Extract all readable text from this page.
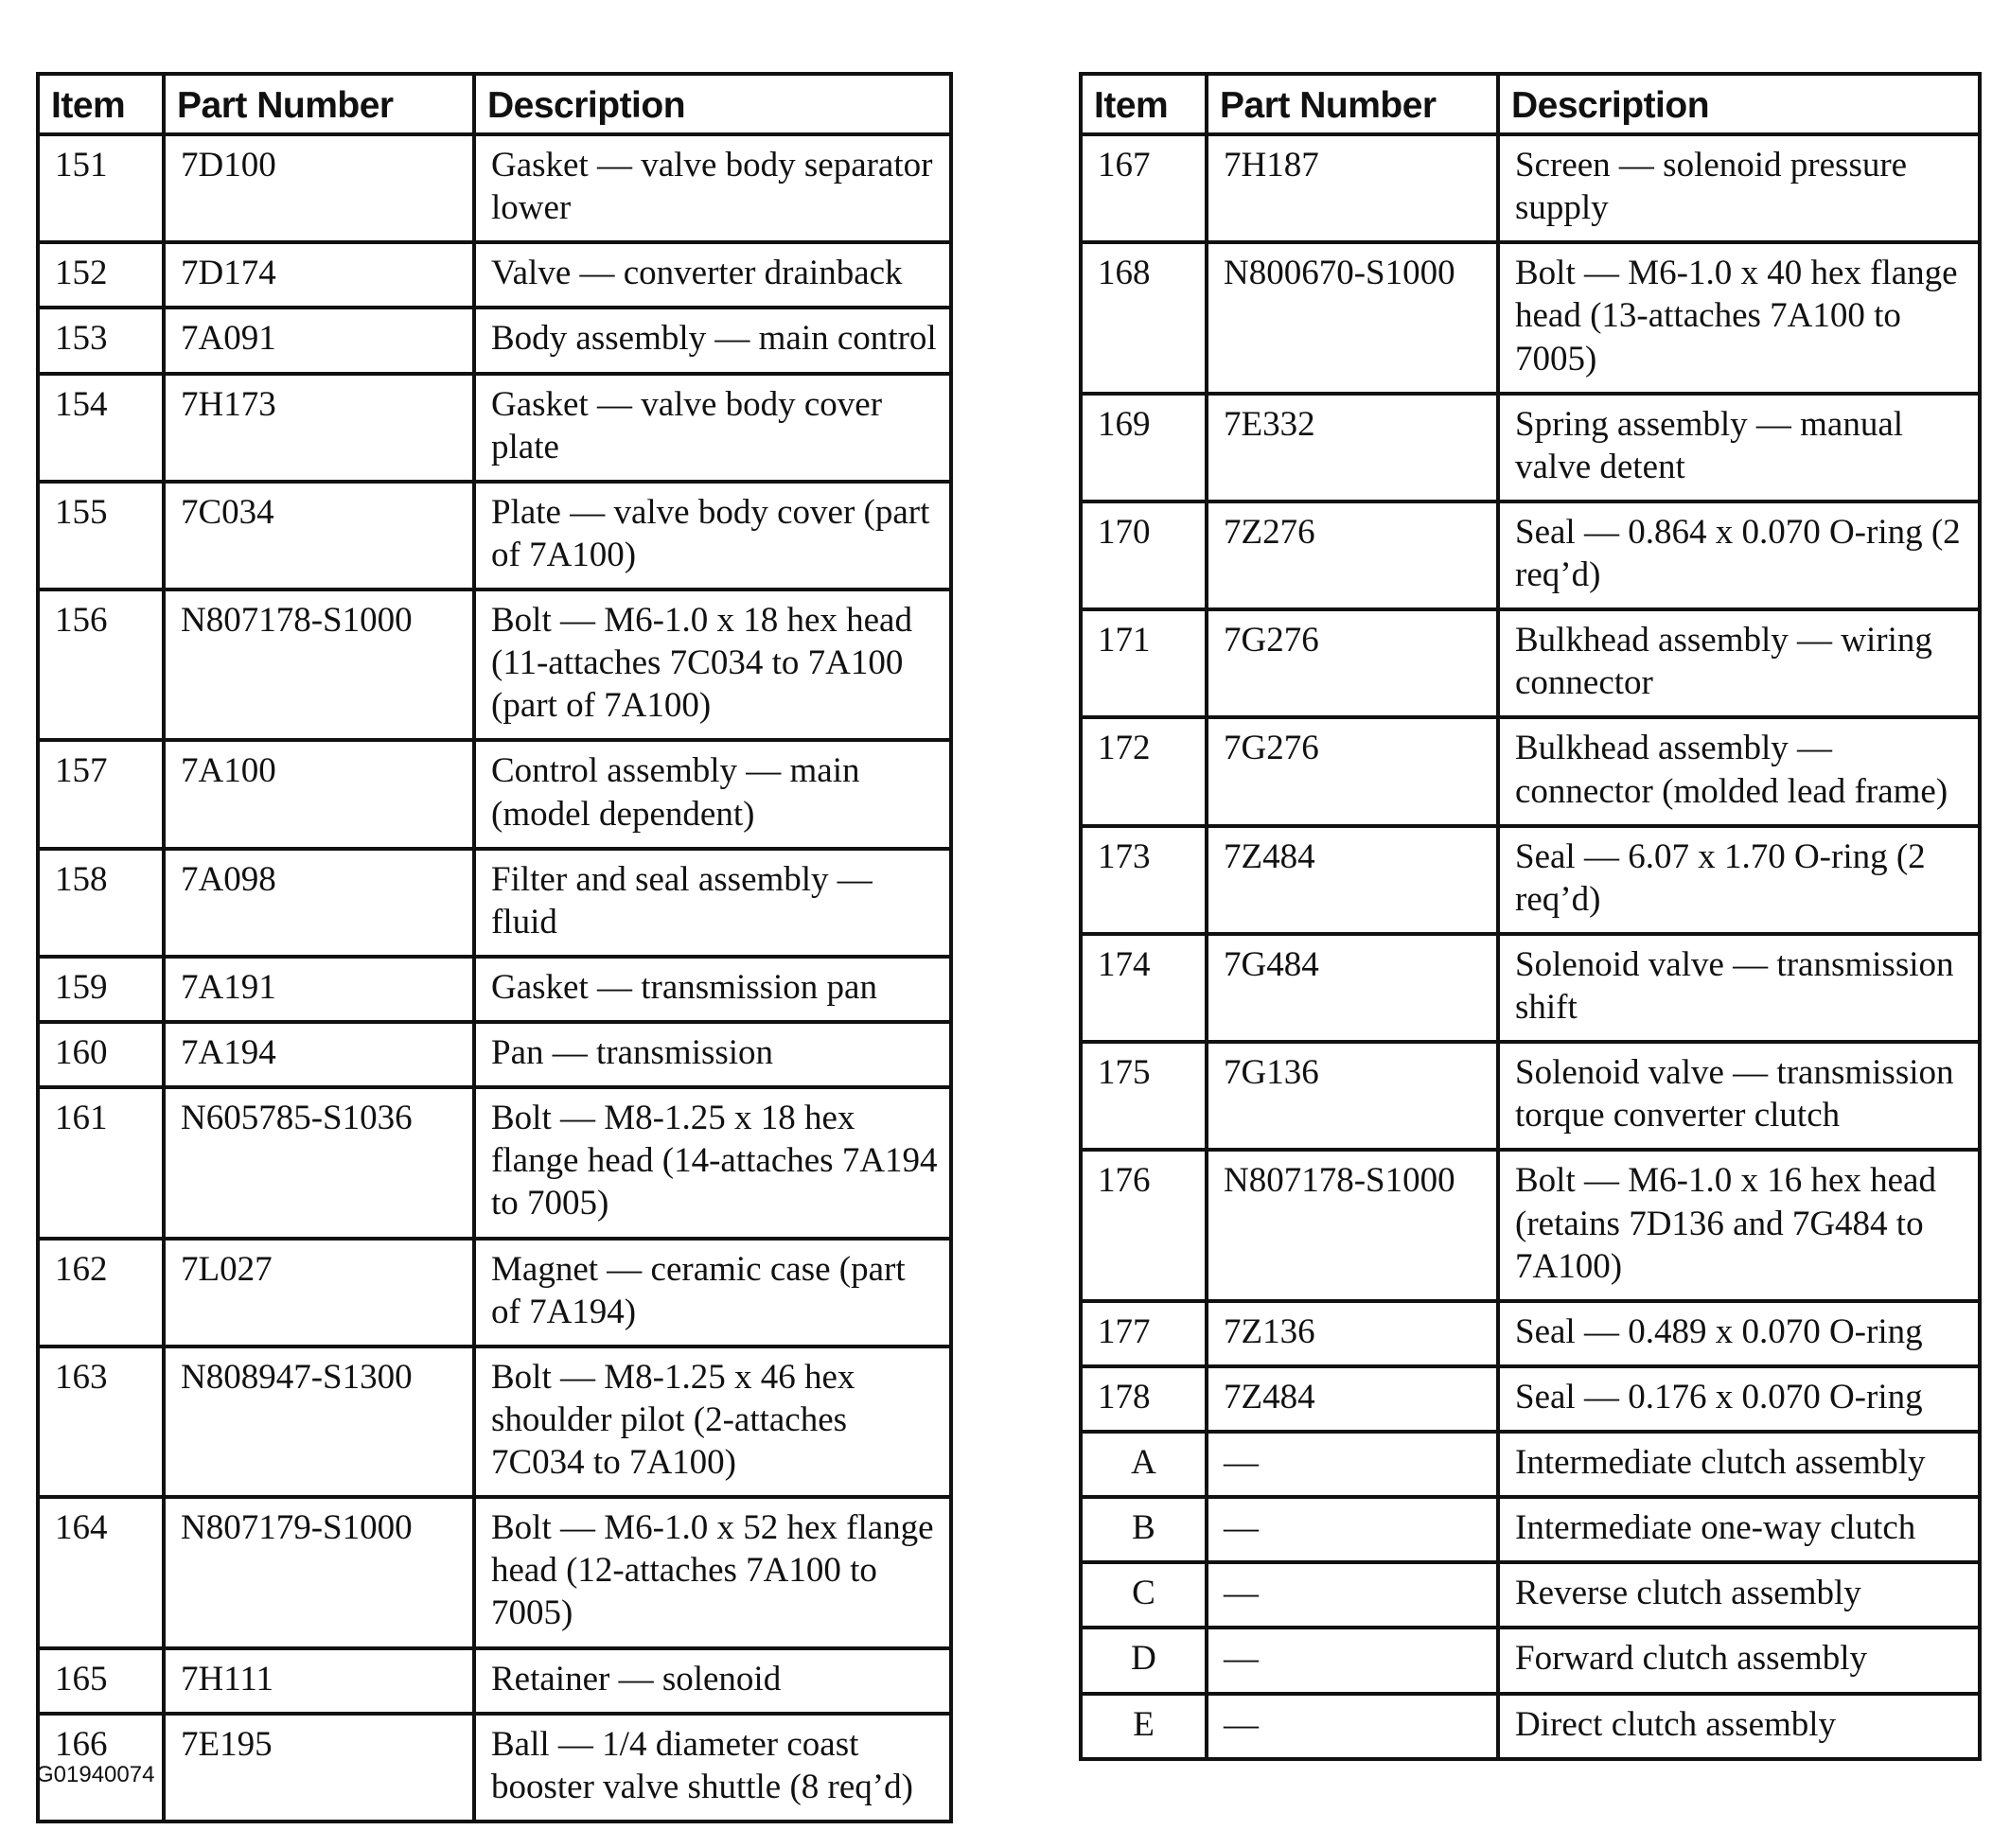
Item	Part Number	Description
151	7D100	Gasket — valve body separator lower
152	7D174	Valve — converter drainback
153	7A091	Body assembly — main control
154	7H173	Gasket — valve body cover plate
155	7C034	Plate — valve body cover (part of 7A100)
156	N807178-S1000	Bolt — M6-1.0 x 18 hex head (11-attaches 7C034 to 7A100 (part of 7A100)
157	7A100	Control assembly — main (model dependent)
158	7A098	Filter and seal assembly — fluid
159	7A191	Gasket — transmission pan
160	7A194	Pan — transmission
161	N605785-S1036	Bolt — M8-1.25 x 18 hex flange head (14-attaches 7A194 to 7005)
162	7L027	Magnet — ceramic case (part of 7A194)
163	N808947-S1300	Bolt — M8-1.25 x 46 hex shoulder pilot (2-attaches 7C034 to 7A100)
164	N807179-S1000	Bolt — M6-1.0 x 52 hex flange head (12-attaches 7A100 to 7005)
165	7H111	Retainer — solenoid
166	7E195	Ball — 1/4 diameter coast booster valve shuttle (8 req’d)
Item	Part Number	Description
167	7H187	Screen — solenoid pressure supply
168	N800670-S1000	Bolt — M6-1.0 x 40 hex flange head (13-attaches 7A100 to 7005)
169	7E332	Spring assembly — manual valve detent
170	7Z276	Seal — 0.864 x 0.070 O-ring (2 req’d)
171	7G276	Bulkhead assembly — wiring connector
172	7G276	Bulkhead assembly — connector (molded lead frame)
173	7Z484	Seal — 6.07 x 1.70 O-ring (2 req’d)
174	7G484	Solenoid valve — transmission shift
175	7G136	Solenoid valve — transmission torque converter clutch
176	N807178-S1000	Bolt — M6-1.0 x 16 hex head (retains 7D136 and 7G484 to 7A100)
177	7Z136	Seal — 0.489 x 0.070 O-ring
178	7Z484	Seal — 0.176 x 0.070 O-ring
A	—	Intermediate clutch assembly
B	—	Intermediate one-way clutch
C	—	Reverse clutch assembly
D	—	Forward clutch assembly
E	—	Direct clutch assembly
G01940074
